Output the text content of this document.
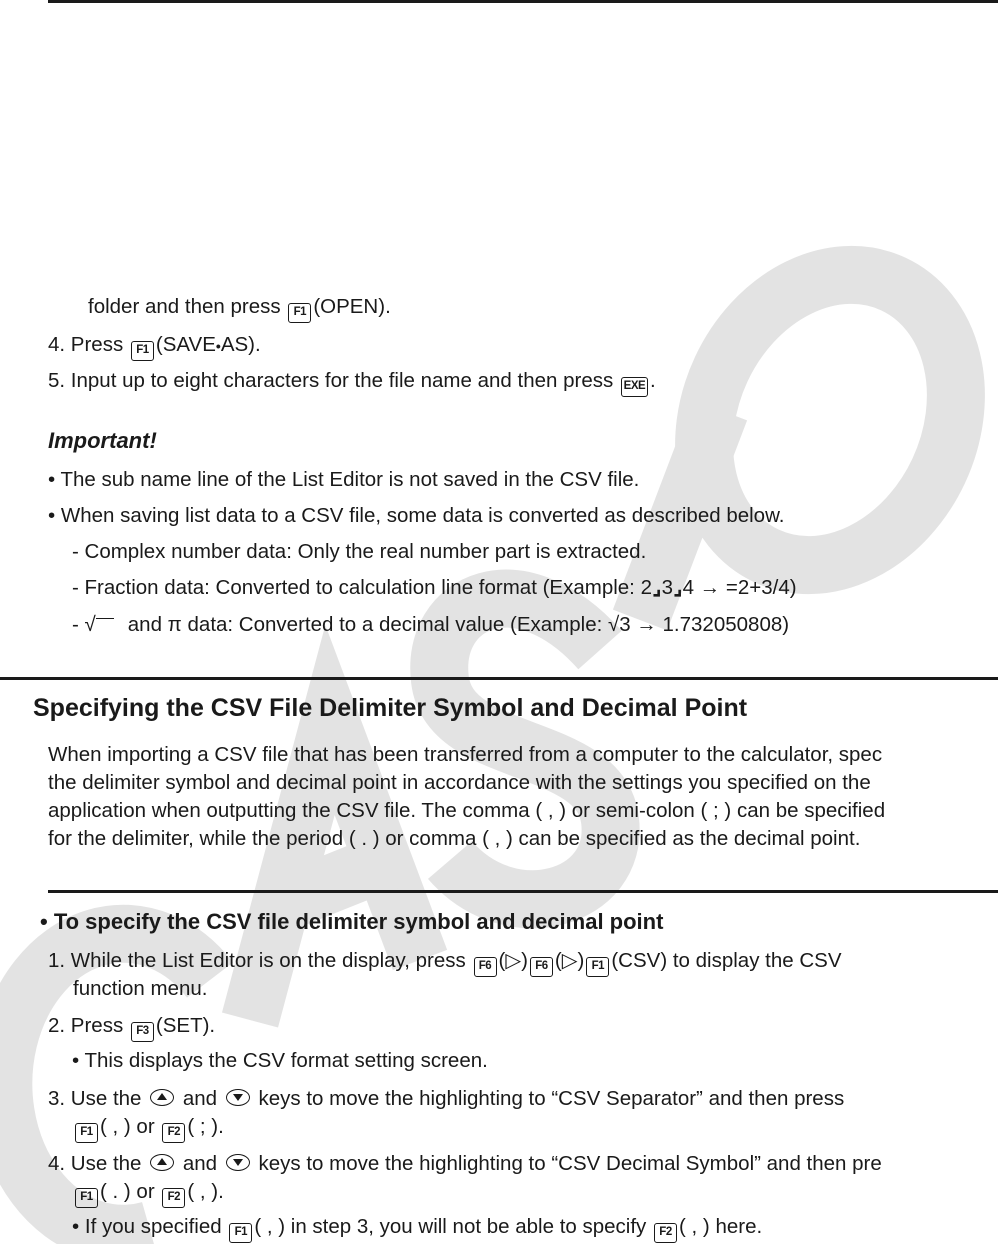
folder and then press F1 (OPEN).
4. Press F1 (SAVE•AS).
5. Input up to eight characters for the file name and then press EXE .
Important!
• The sub name line of the List Editor is not saved in the CSV file.
• When saving list data to a CSV file, some data is converted as described below.
- Complex number data: Only the real number part is extracted.
- Fraction data: Converted to calculation line format (Example: 2⌟3⌟4 → =2+3/4)
- √ and π data: Converted to a decimal value (Example: √3 → 1.732050808)
Specifying the CSV File Delimiter Symbol and Decimal Point
When importing a CSV file that has been transferred from a computer to the calculator, spec
the delimiter symbol and decimal point in accordance with the settings you specified on the
application when outputting the CSV file. The comma ( , ) or semi-colon ( ; ) can be specified
for the delimiter, while the period ( . ) or comma ( , ) can be specified as the decimal point.
• To specify the CSV file delimiter symbol and decimal point
1. While the List Editor is on the display, press F6 (▷) F6 (▷) F1 (CSV) to display the CSV
function menu.
2. Press F3 (SET).
• This displays the CSV format setting screen.
3. Use the and keys to move the highlighting to “CSV Separator” and then press
F1 ( , ) or F2 ( ; ).
4. Use the and keys to move the highlighting to “CSV Decimal Symbol” and then pre
F1 ( . ) or F2 ( , ).
• If you specified F1 ( , ) in step 3, you will not be able to specify F2 ( , ) here.
